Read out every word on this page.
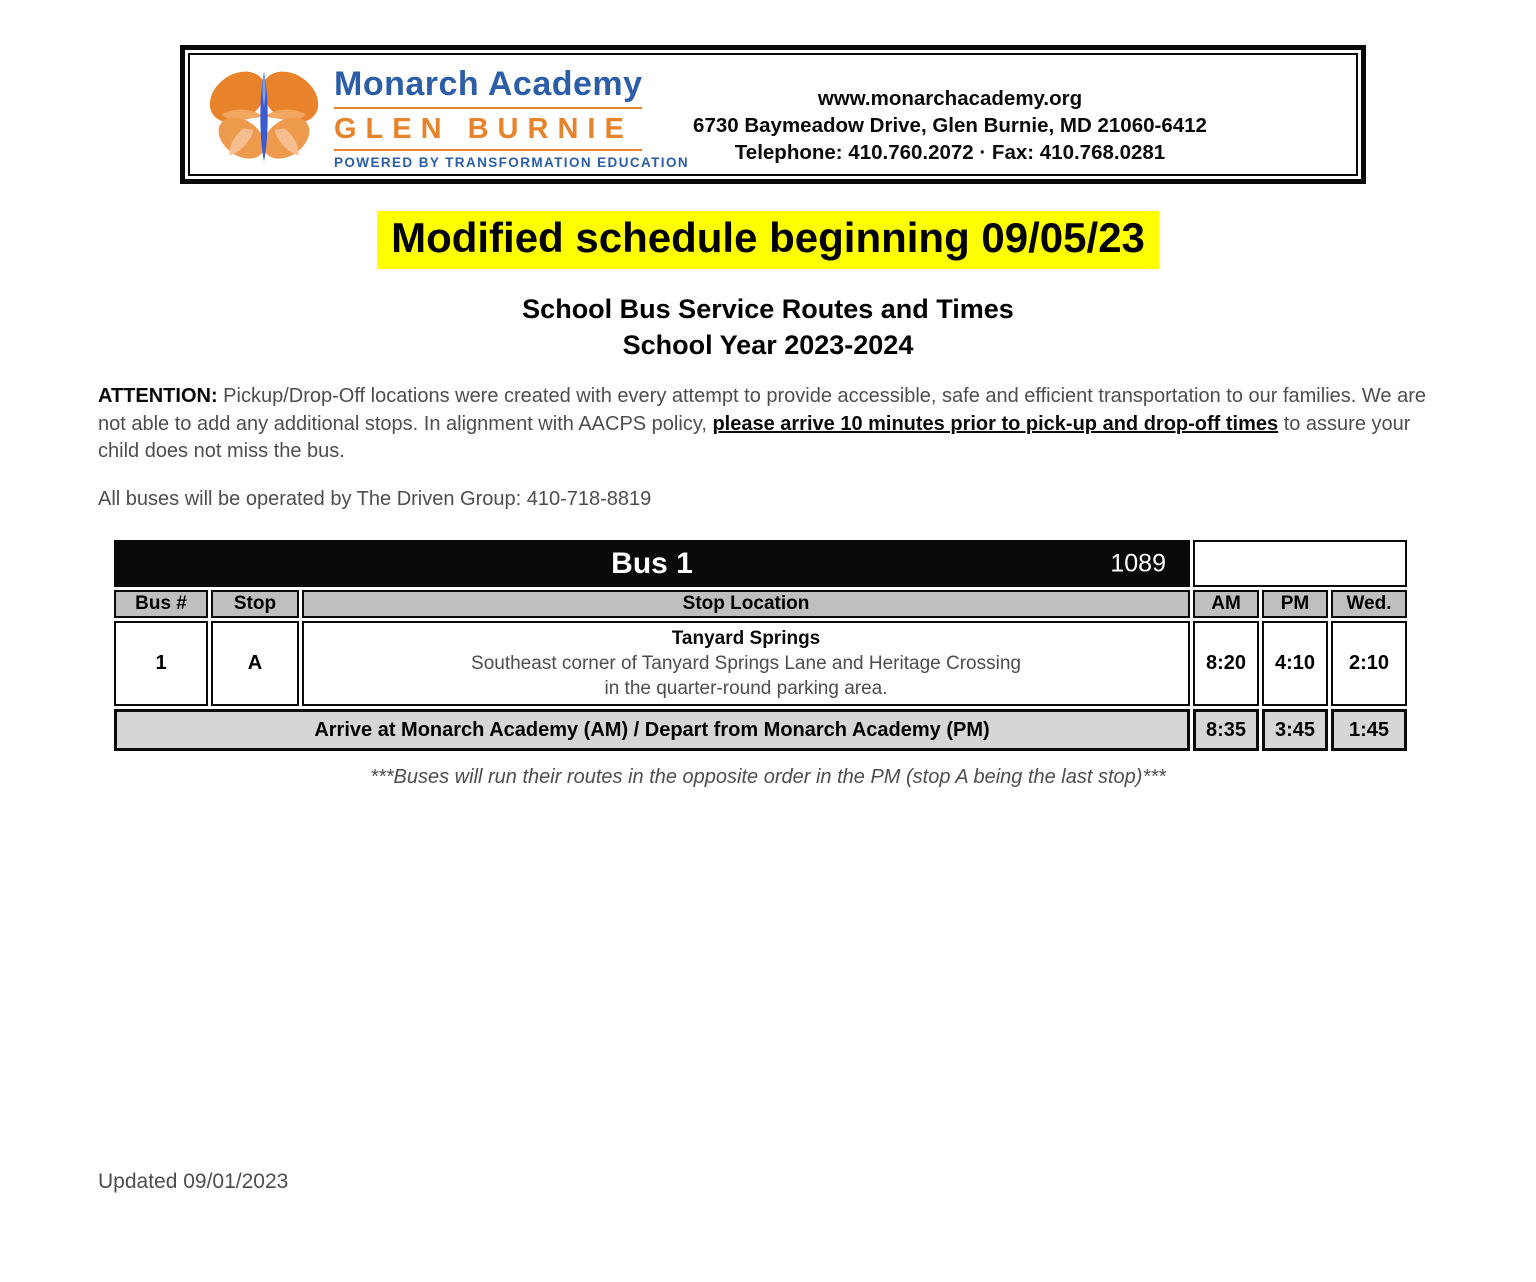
Monarch Academy
GLEN BURNIE
POWERED BY TRANSFORMATION EDUCATION
www.monarchacademy.org
6730 Baymeadow Drive, Glen Burnie, MD 21060-6412
Telephone: 410.760.2072 · Fax: 410.768.0281
Modified schedule beginning 09/05/23
School Bus Service Routes and Times
School Year 2023-2024
ATTENTION: Pickup/Drop-Off locations were created with every attempt to provide accessible, safe and efficient transportation to our families. We are not able to add any additional stops. In alignment with AACPS policy, please arrive 10 minutes prior to pick-up and drop-off times to assure your child does not miss the bus.
All buses will be operated by The Driven Group: 410-718-8819
Bus 1 1089					

Bus #	Stop	Stop Location	AM	PM	Wed.
1	A	Tanyard Springs
Southeast corner of Tanyard Springs Lane and Heritage Crossing
in the quarter-round parking area.	8:20	4:10	2:10
Arrive at Monarch Academy (AM) / Depart from Monarch Academy (PM)			8:35	3:45	1:45
***Buses will run their routes in the opposite order in the PM (stop A being the last stop)***
Updated 09/01/2023
